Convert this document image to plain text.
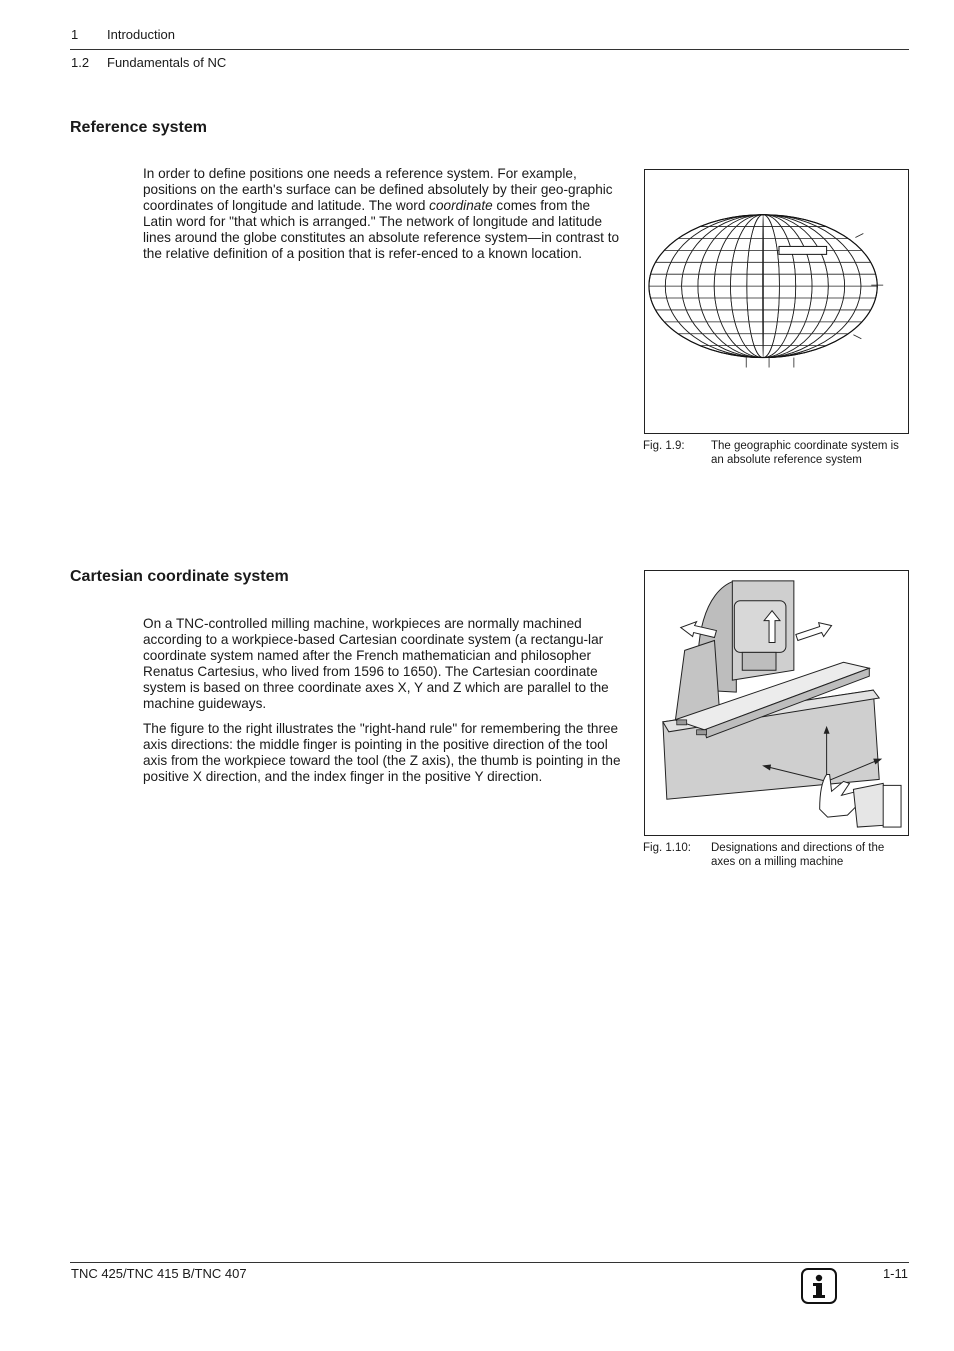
1 Introduction
1.2 Fundamentals of NC
Reference system

In order to define positions one needs a reference system. For example, positions on the earth's surface can be defined absolutely by their geo-graphic coordinates of longitude and latitude. The word coordinate comes from the Latin word for "that which is arranged." The network of longitude and latitude lines around the globe constitutes an absolute reference system—in contrast to the relative definition of a position that is refer-enced to a known location.

Fig. 1.9: The geographic coordinate system is an absolute reference system
Cartesian coordinate system

On a TNC-controlled milling machine, workpieces are normally machined according to a workpiece-based Cartesian coordinate system (a rectangu-lar coordinate system named after the French mathematician and philosopher Renatus Cartesius, who lived from 1596 to 1650). The Cartesian coordinate system is based on three coordinate axes X, Y and Z which are parallel to the machine guideways.

The figure to the right illustrates the "right-hand rule" for remembering the three axis directions: the middle finger is pointing in the positive direction of the tool axis from the workpiece toward the tool (the Z axis), the thumb is pointing in the positive X direction, and the index finger in the positive Y direction.

Fig. 1.10: Designations and directions of the axes on a milling machine
TNC 425/TNC 415 B/TNC 407	1-11
